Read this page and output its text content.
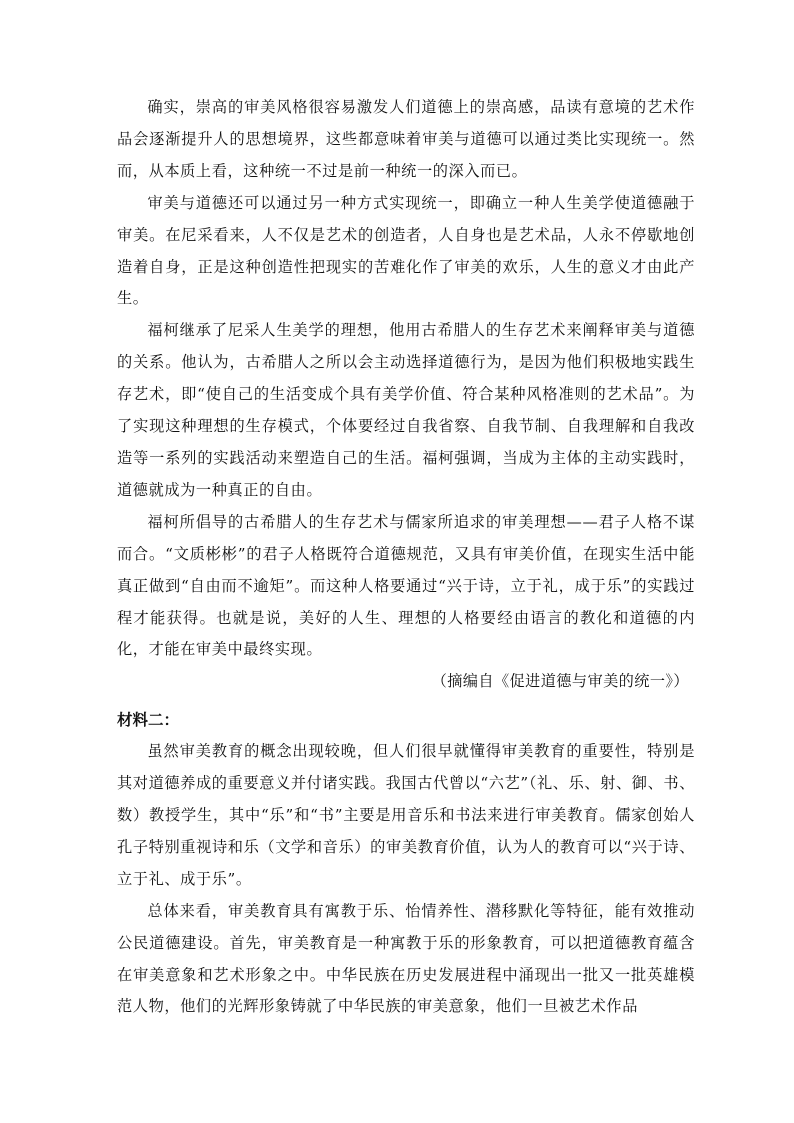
确实，崇高的审美风格很容易激发人们道德上的崇高感，品读有意境的艺术作品会逐渐提升人的思想境界，这些都意味着审美与道德可以通过类比实现统一。然而，从本质上看，这种统一不过是前一种统一的深入而已。

审美与道德还可以通过另一种方式实现统一，即确立一种人生美学使道德融于审美。在尼采看来，人不仅是艺术的创造者，人自身也是艺术品，人永不停歇地创造着自身，正是这种创造性把现实的苦难化作了审美的欢乐，人生的意义才由此产生。

福柯继承了尼采人生美学的理想，他用古希腊人的生存艺术来阐释审美与道德的关系。他认为，古希腊人之所以会主动选择道德行为，是因为他们积极地实践生存艺术，即“使自己的生活变成个具有美学价值、符合某种风格准则的艺术品”。为了实现这种理想的生存模式，个体要经过自我省察、自我节制、自我理解和自我改造等一系列的实践活动来塑造自己的生活。福柯强调，当成为主体的主动实践时，道德就成为一种真正的自由。

福柯所倡导的古希腊人的生存艺术与儒家所追求的审美理想——君子人格不谋而合。“文质彬彬”的君子人格既符合道德规范，又具有审美价值，在现实生活中能真正做到“自由而不逾矩”。而这种人格要通过“兴于诗，立于礼，成于乐”的实践过程才能获得。也就是说，美好的人生、理想的人格要经由语言的教化和道德的内化，才能在审美中最终实现。

（摘编自《促进道德与审美的统一》）

材料二：

虽然审美教育的概念出现较晚，但人们很早就懂得审美教育的重要性，特别是其对道德养成的重要意义并付诸实践。我国古代曾以“六艺”（礼、乐、射、御、书、数）教授学生，其中“乐”和“书”主要是用音乐和书法来进行审美教育。儒家创始人孔子特别重视诗和乐（文学和音乐）的审美教育价值，认为人的教育可以“兴于诗、立于礼、成于乐”。

总体来看，审美教育具有寓教于乐、怡情养性、潜移默化等特征，能有效推动公民道德建设。首先，审美教育是一种寓教于乐的形象教育，可以把道德教育蕴含在审美意象和艺术形象之中。中华民族在历史发展进程中涌现出一批又一批英雄模范人物，他们的光辉形象铸就了中华民族的审美意象，他们一旦被艺术作品
